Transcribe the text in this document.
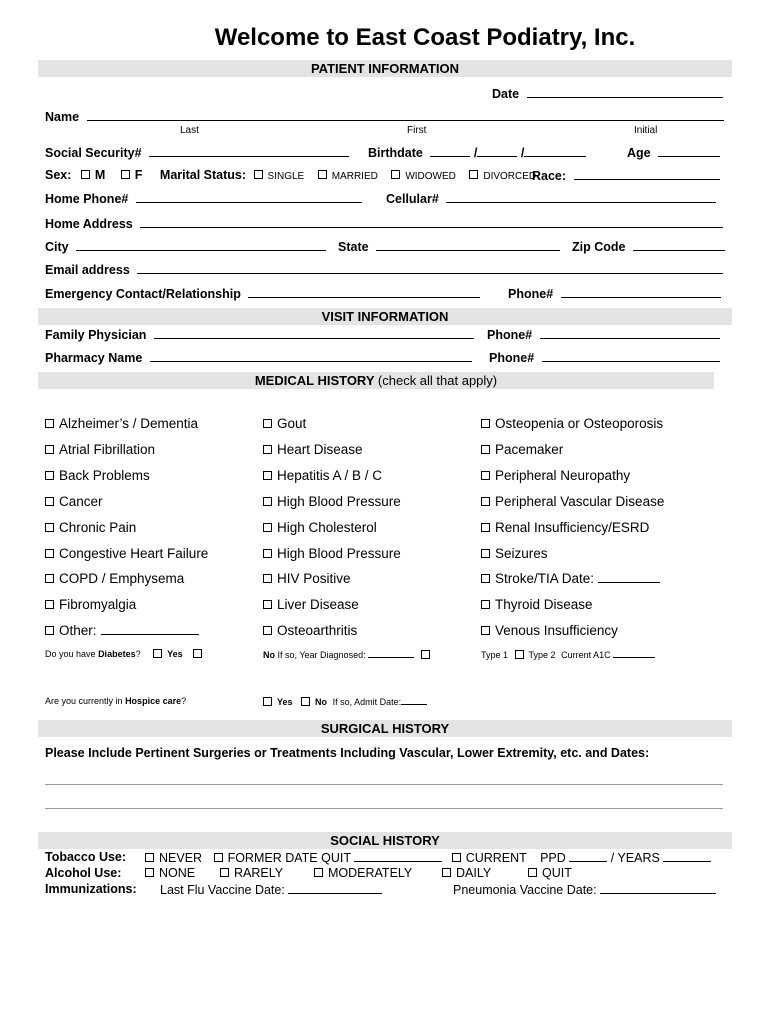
Welcome to East Coast Podiatry, Inc.
PATIENT INFORMATION
Date
Name
Last	First	Initial
Social Security#	Birthdate	/	/	Age
Sex: M F Marital Status: SINGLE	MARRIED	WIDOWED	DIVORCED
Race:
Home Phone#	Cellular#
Home Address
City	State	Zip Code
Email address
Emergency Contact/Relationship	Phone#
VISIT INFORMATION
Family Physician	Phone#
Pharmacy Name	Phone#
MEDICAL HISTORY (check all that apply)
Alzheimer’s / Dementia
Atrial Fibrillation
Back Problems
Cancer
Chronic Pain
Congestive Heart Failure
COPD / Emphysema
Fibromyalgia
Other:
Gout
Heart Disease
Hepatitis A / B / C
High Blood Pressure
High Cholesterol
High Blood Pressure
HIV Positive
Liver Disease
Osteoarthritis
Osteopenia or Osteoporosis
Pacemaker
Peripheral Neuropathy
Peripheral Vascular Disease
Renal Insufficiency/ESRD
Seizures
Stroke/TIA Date:
Thyroid Disease
Venous Insufficiency
Do you have Diabetes?	Yes	No If so, Year Diagnosed:	Type 1 Type 2 Current A1C
Are you currently in Hospice care?	Yes	No If so, Admit Date:
SURGICAL HISTORY
Please Include Pertinent Surgeries or Treatments Including Vascular, Lower Extremity, etc. and Dates:
SOCIAL HISTORY
Tobacco Use:	NEVER FORMER DATE QUIT	CURRENT PPD	/ YEARS
Alcohol Use:	NONE	RARELY	MODERATELY	DAILY	QUIT
Immunizations: Last Flu Vaccine Date:	Pneumonia Vaccine Date:
